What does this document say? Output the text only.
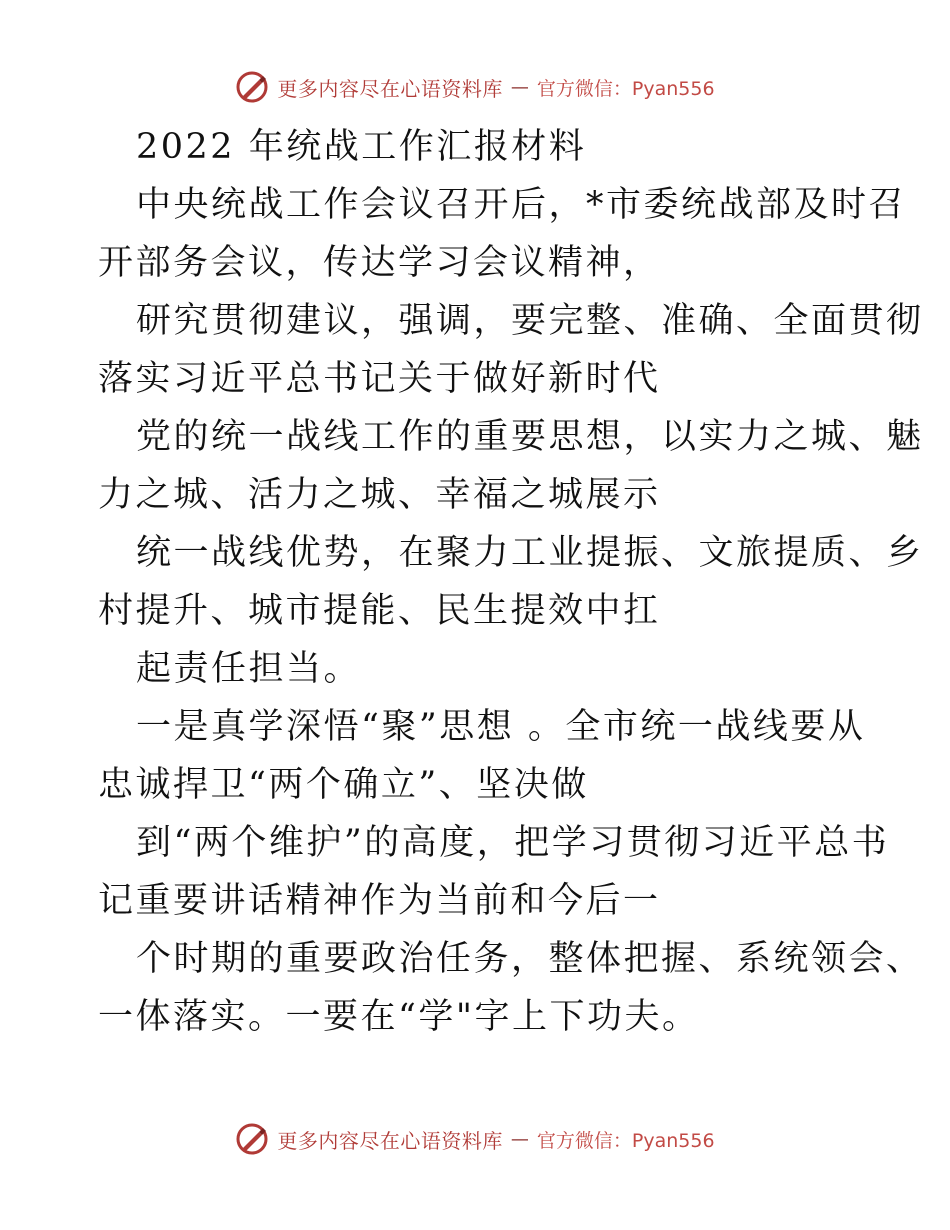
更多内容尽在心语资料库 — 官方微信：Pyan556
2022 年统战工作汇报材料
中央统战工作会议召开后，*市委统战部及时召
开部务会议，传达学习会议精神，
研究贯彻建议，强调，要完整、准确、全面贯彻
落实习近平总书记关于做好新时代
党的统一战线工作的重要思想，以实力之城、魅
力之城、活力之城、幸福之城展示
统一战线优势，在聚力工业提振、文旅提质、乡
村提升、城市提能、民生提效中扛
起责任担当。
一是真学深悟“聚”思想 。全市统一战线要从
忠诚捍卫“两个确立”、坚决做
到“两个维护”的高度，把学习贯彻习近平总书
记重要讲话精神作为当前和今后一
个时期的重要政治任务，整体把握、系统领会、
一体落实。一要在“学"字上下功夫。
更多内容尽在心语资料库 — 官方微信：Pyan556
